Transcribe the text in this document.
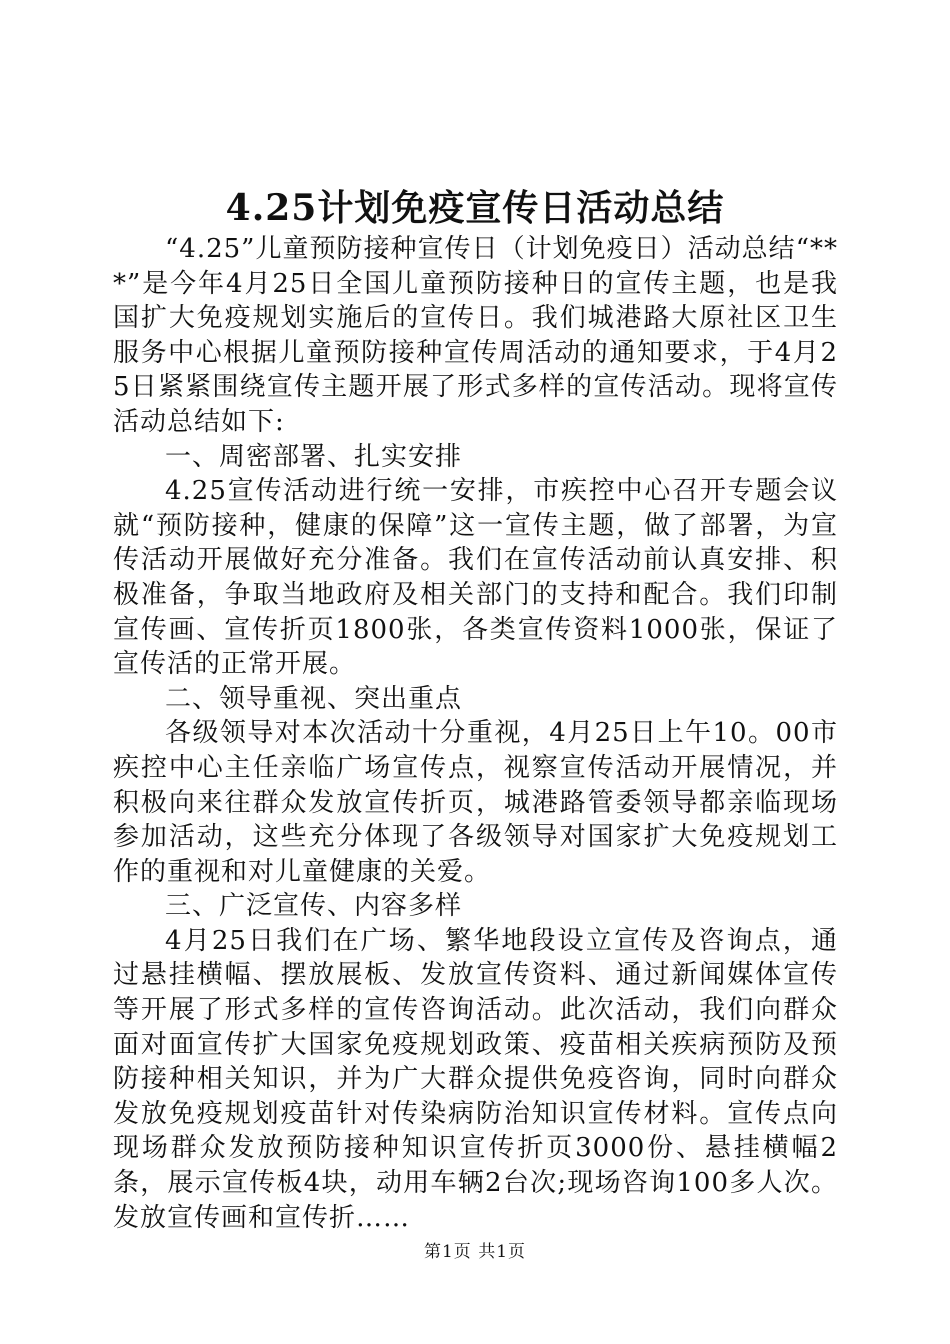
4.25计划免疫宣传日活动总结

“4.25”儿童预防接种宣传日（计划免疫日）活动总结“***”是今年4月25日全国儿童预防接种日的宣传主题，也是我国扩大免疫规划实施后的宣传日。我们城港路大原社区卫生服务中心根据儿童预防接种宣传周活动的通知要求，于4月25日紧紧围绕宣传主题开展了形式多样的宣传活动。现将宣传活动总结如下:

一、周密部署、扎实安排

4.25宣传活动进行统一安排，市疾控中心召开专题会议就“预防接种，健康的保障”这一宣传主题，做了部署，为宣传活动开展做好充分准备。我们在宣传活动前认真安排、积极准备，争取当地政府及相关部门的支持和配合。我们印制宣传画、宣传折页1800张，各类宣传资料1000张，保证了宣传活的正常开展。

二、领导重视、突出重点

各级领导对本次活动十分重视，4月25日上午10。00市疾控中心主任亲临广场宣传点，视察宣传活动开展情况，并积极向来往群众发放宣传折页，城港路管委领导都亲临现场参加活动，这些充分体现了各级领导对国家扩大免疫规划工作的重视和对儿童健康的关爱。

三、广泛宣传、内容多样

4月25日我们在广场、繁华地段设立宣传及咨询点，通过悬挂横幅、摆放展板、发放宣传资料、通过新闻媒体宣传等开展了形式多样的宣传咨询活动。此次活动，我们向群众面对面宣传扩大国家免疫规划政策、疫苗相关疾病预防及预防接种相关知识，并为广大群众提供免疫咨询，同时向群众发放免疫规划疫苗针对传染病防治知识宣传材料。宣传点向现场群众发放预防接种知识宣传折页3000份、悬挂横幅2条，展示宣传板4块，动用车辆2台次;现场咨询100多人次。发放宣传画和宣传折……

第1页 共1页
